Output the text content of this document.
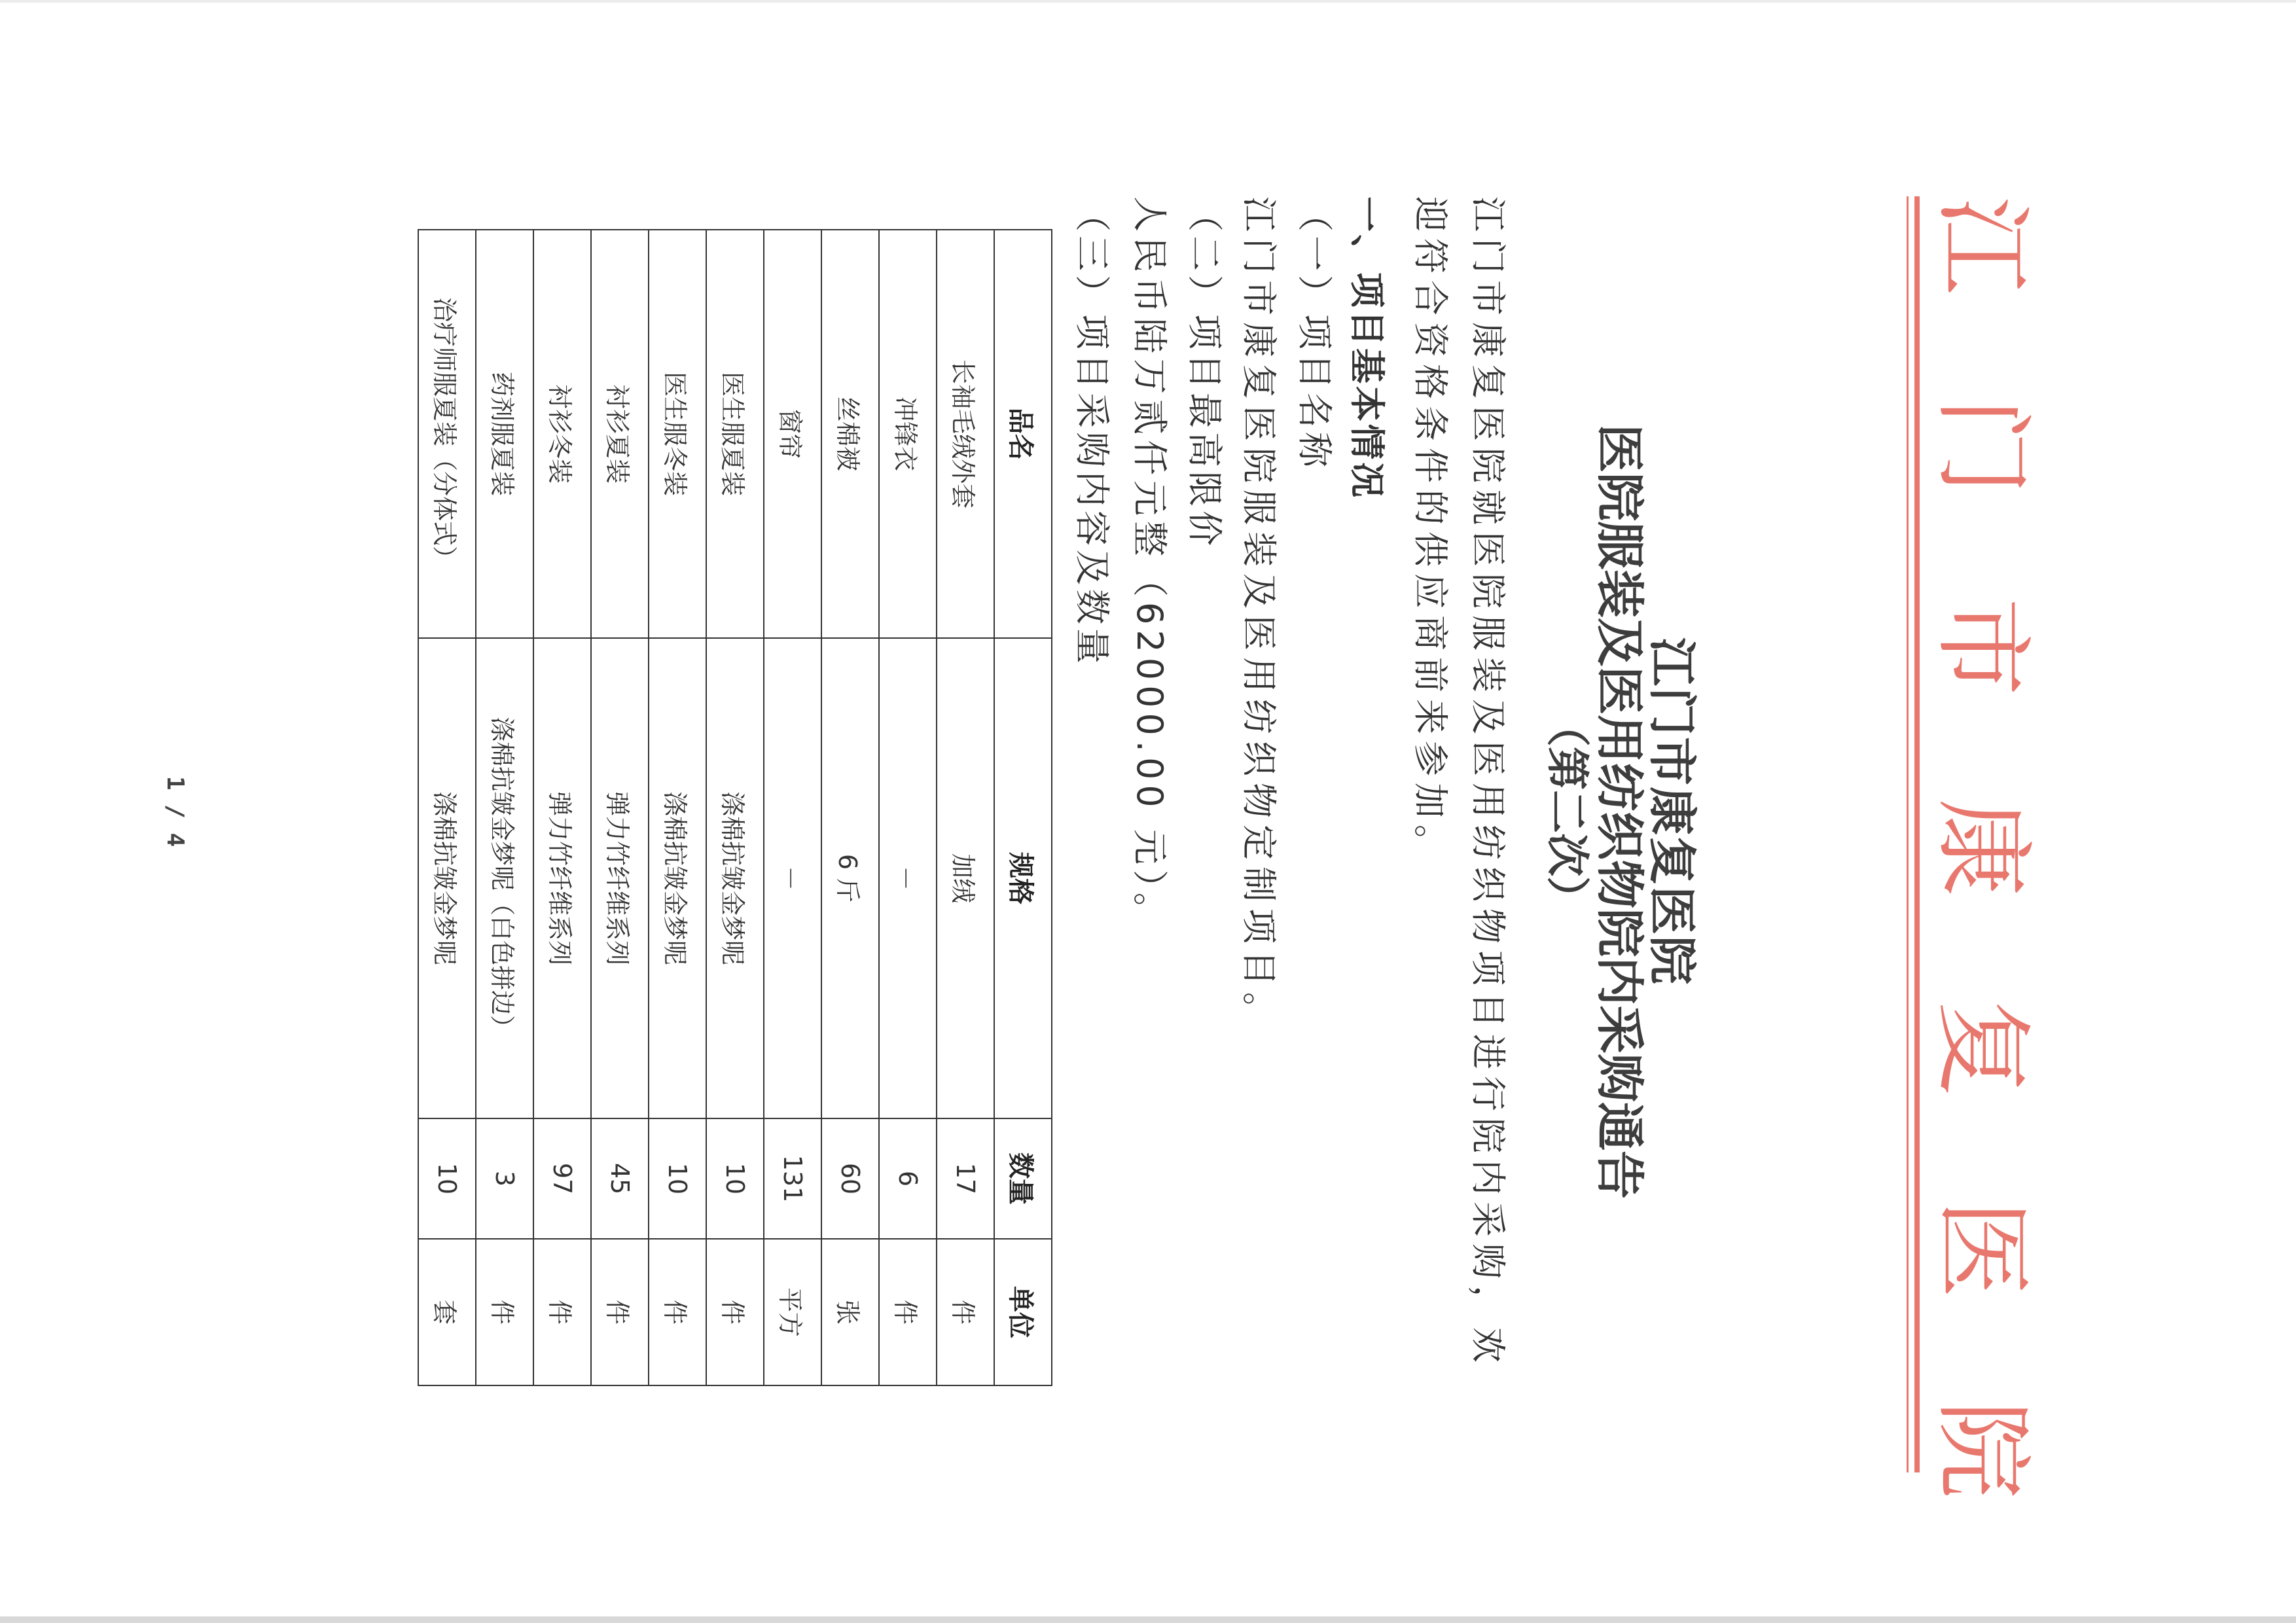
江
门
市
康
复
医
院
江门市康复医院
医院服装及医用纺织物院内采购通告
（第二次）
江门市康复医院就医院服装及医用纺织物项目进行院内采购，欢
迎符合资格条件的供应商前来参加。
一、项目基本情况
（一）项目名称
江门市康复医院服装及医用纺织物定制项目。
（二）项目最高限价
人民币陆万贰仟元整（62000.00 元）。
（三）项目采购内容及数量
品名	规格	数量	单位
长袖毛绒外套	加绒	17	件
冲锋衣	－	6	件
丝棉被	6 斤	60	张
窗帘	－	131	平方
医生服夏装	涤棉抗皱金梦呢	10	件
医生服冬装	涤棉抗皱金梦呢	10	件
衬衫夏装	弹力竹纤维系列	45	件
衬衫冬装	弹力竹纤维系列	97	件
药剂服夏装	涤棉抗皱金梦呢（白色拼边）	3	件
治疗师服夏装（分体式）	涤棉抗皱金梦呢	10	套
1 / 4
